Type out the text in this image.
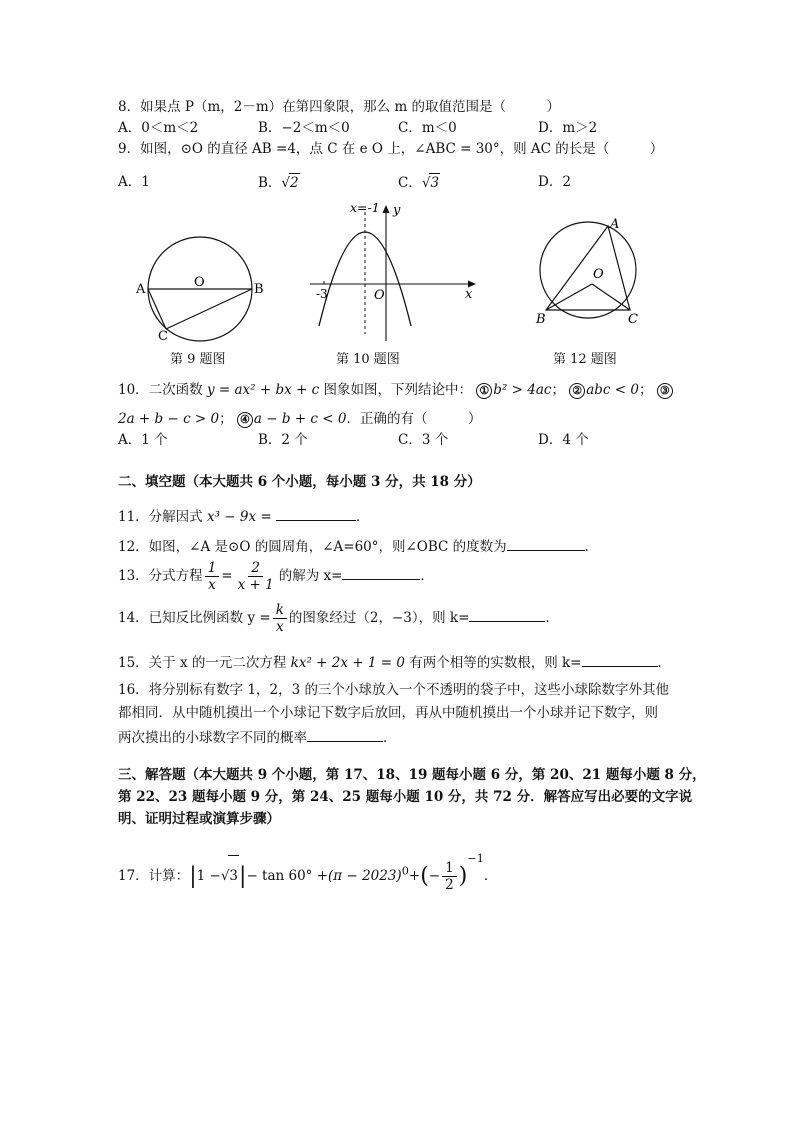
8．如果点 P（m，2－m）在第四象限，那么 m 的取值范围是（　　　）
A．0＜m＜2	B．−2＜m＜0	C．m＜0	D．m＞2
9．如图，⊙O 的直径 AB =4，点 C 在 e O 上，∠ABC = 30°，则 AC 的长是（　　　）
A．1	B．√2	C．√3	D．2
A	O	B
C
第 9 题图
x=-1 y
x
O
-3
第 10 题图
A
O
B	C
第 12 题图
10．二次函数 y = ax² + bx + c 图象如图，下列结论中： ① b² > 4ac； ② abc < 0； ③
2a + b − c > 0； ④ a − b + c < 0．正确的有（　　　）
A．1 个	B．2 个	C．3 个	D．4 个
二、填空题（本大题共 6 个小题，每小题 3 分，共 18 分）
11．分解因式 x³ − 9x =	．
12．如图，∠A 是⊙O 的圆周角，∠A=60°，则∠OBC 的度数为	．
13．分式方程 $\frac{1}{x} = \frac{2}{x + 1}$ 的解为 x=	．
14．已知反比例函数 $y = \frac{k}{x}$ 的图象经过（2，−3），则 k=	．
15．关于 x 的一元二次方程 kx² + 2x + 1 = 0 有两个相等的实数根，则 k=	．
16．将分别标有数字 1，2，3 的三个小球放入一个不透明的袋子中，这些小球除数字外其他
都相同．从中随机摸出一个小球记下数字后放回，再从中随机摸出一个小球并记下数字，则
两次摸出的小球数字不同的概率	．
三、解答题（本大题共 9 个小题，第 17、18、19 题每小题 6 分，第 20、21 题每小题 8 分，
第 22、23 题每小题 9 分，第 24、25 题每小题 10 分，共 72 分．解答应写出必要的文字说
明、证明过程或演算步骤）
17．计算：$|1 -√3|- \tan 60^\circ +(\pi - 2023)^0+(- \frac{1}{2} )^{-1}$．
